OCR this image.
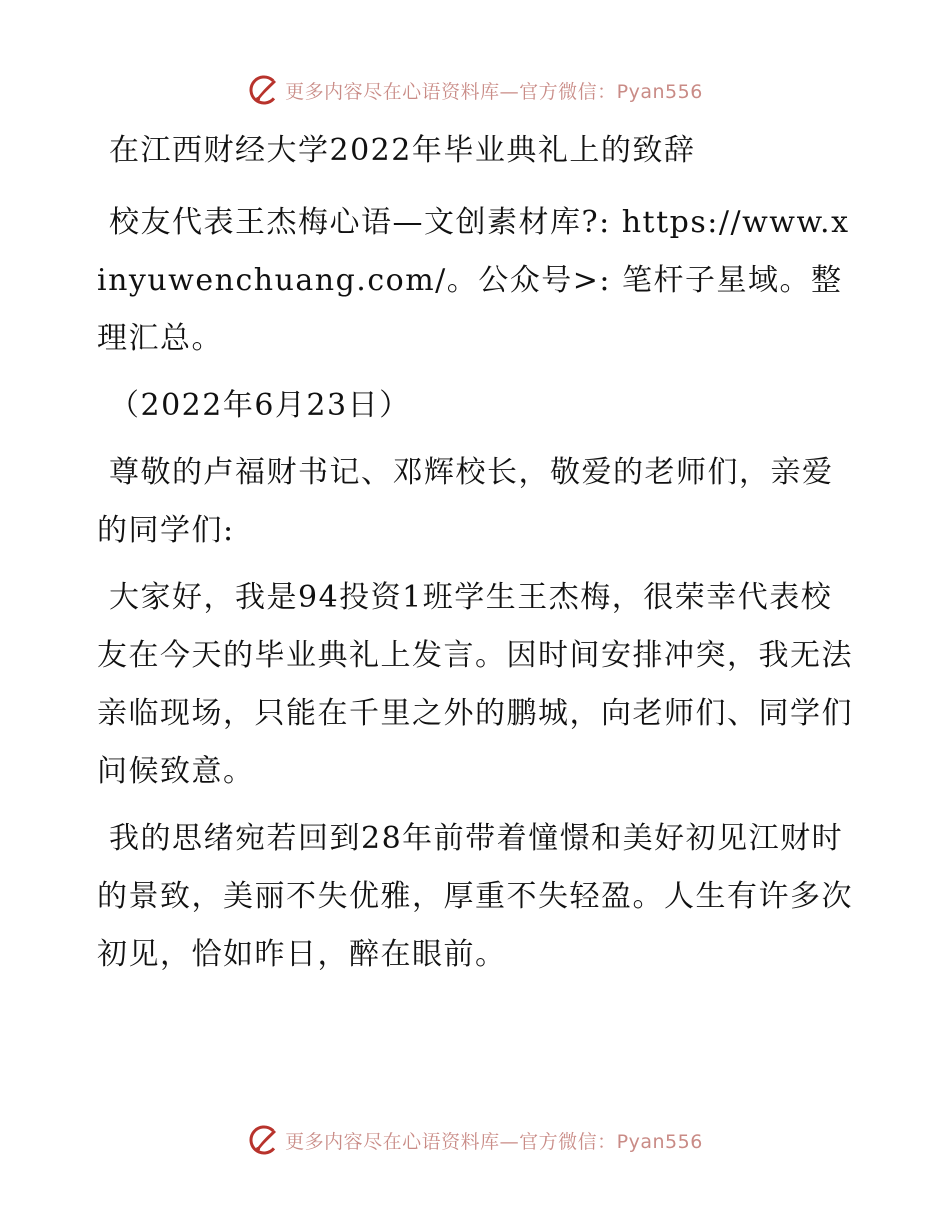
更多内容尽在心语资料库—官方微信：Pyan556

在江西财经大学2022年毕业典礼上的致辞

校友代表王杰梅心语—文创素材库?: https://www.xinyuwenchuang.com/。公众号>: 笔杆子星域。整理汇总。

（2022年6月23日）

尊敬的卢福财书记、邓辉校长，敬爱的老师们，亲爱的同学们:

大家好，我是94投资1班学生王杰梅，很荣幸代表校友在今天的毕业典礼上发言。因时间安排冲突，我无法亲临现场，只能在千里之外的鹏城，向老师们、同学们问候致意。

我的思绪宛若回到28年前带着憧憬和美好初见江财时的景致，美丽不失优雅，厚重不失轻盈。人生有许多次初见，恰如昨日，醉在眼前。

更多内容尽在心语资料库—官方微信：Pyan556
